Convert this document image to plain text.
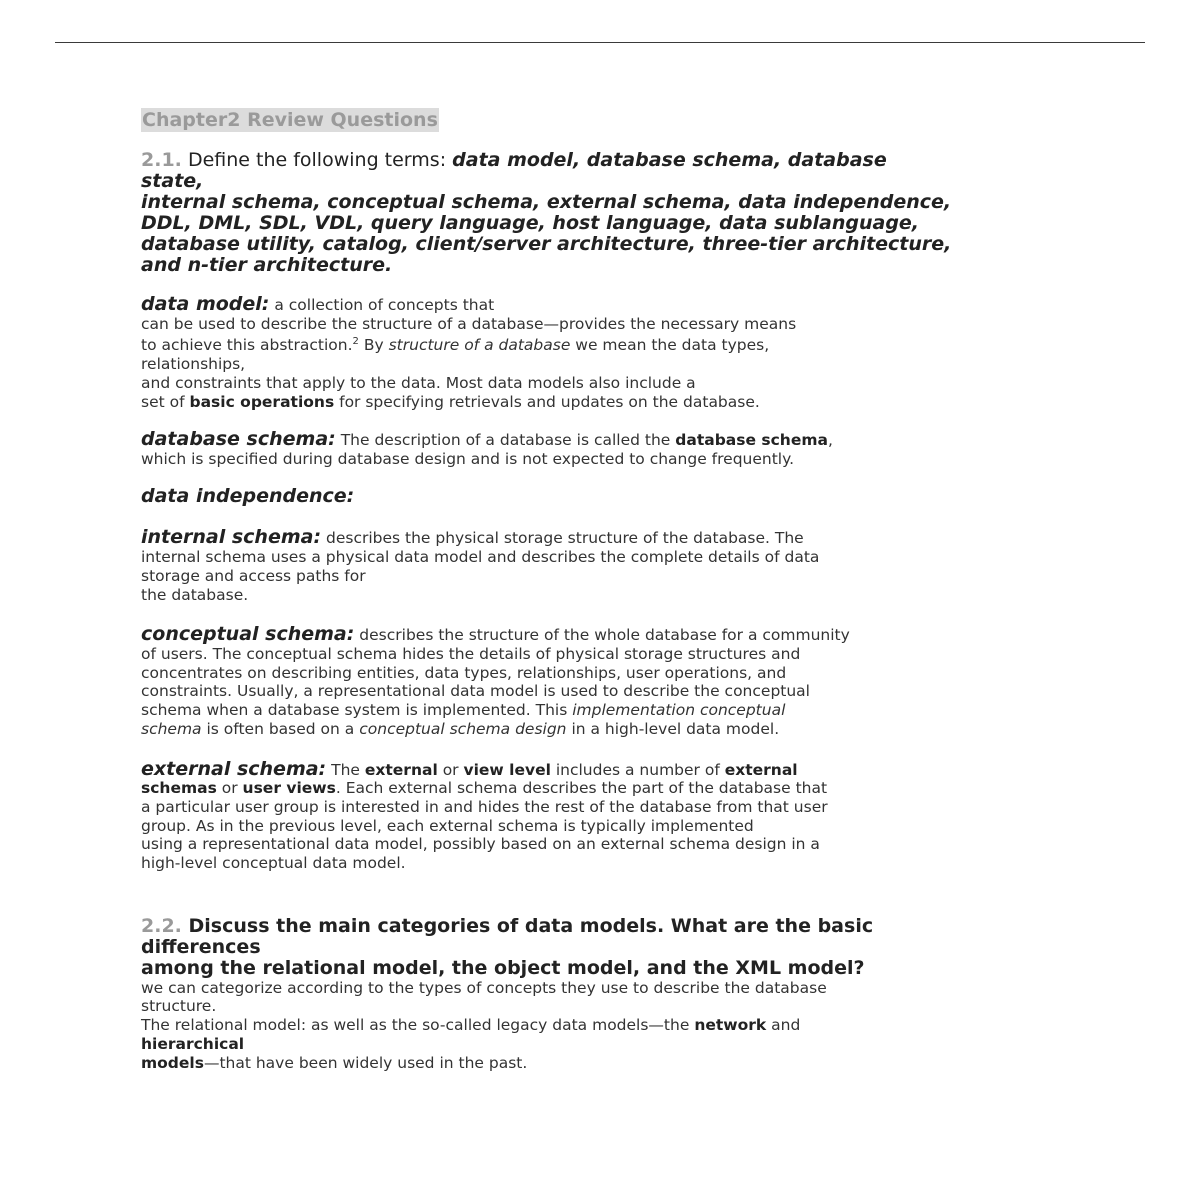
Chapter2 Review Questions
2.1. Define the following terms: data model, database schema, database
state,
internal schema, conceptual schema, external schema, data independence,
DDL, DML, SDL, VDL, query language, host language, data sublanguage,
database utility, catalog, client/server architecture, three-tier architecture,
and n-tier architecture.
data model: a collection of concepts that
can be used to describe the structure of a database—provides the necessary means
to achieve this abstraction.$^2$ By structure of a database we mean the data types,
relationships,
and constraints that apply to the data. Most data models also include a
set of basic operations for specifying retrievals and updates on the database.
database schema: The description of a database is called the database schema,
which is specified during database design and is not expected to change frequently.
data independence:
internal schema: describes the physical storage structure of the database. The
internal schema uses a physical data model and describes the complete details of data
storage and access paths for
the database.
conceptual schema: describes the structure of the whole database for a community
of users. The conceptual schema hides the details of physical storage structures and
concentrates on describing entities, data types, relationships, user operations, and
constraints. Usually, a representational data model is used to describe the conceptual
schema when a database system is implemented. This implementation conceptual
schema is often based on a conceptual schema design in a high-level data model.
external schema: The external or view level includes a number of external
schemas or user views. Each external schema describes the part of the database that
a particular user group is interested in and hides the rest of the database from that user
group. As in the previous level, each external schema is typically implemented
using a representational data model, possibly based on an external schema design in a
high-level conceptual data model.
2.2. Discuss the main categories of data models. What are the basic
differences
among the relational model, the object model, and the XML model?
we can categorize according to the types of concepts they use to describe the database
structure.
The relational model: as well as the so-called legacy data models—the network and
hierarchical
models—that have been widely used in the past.
